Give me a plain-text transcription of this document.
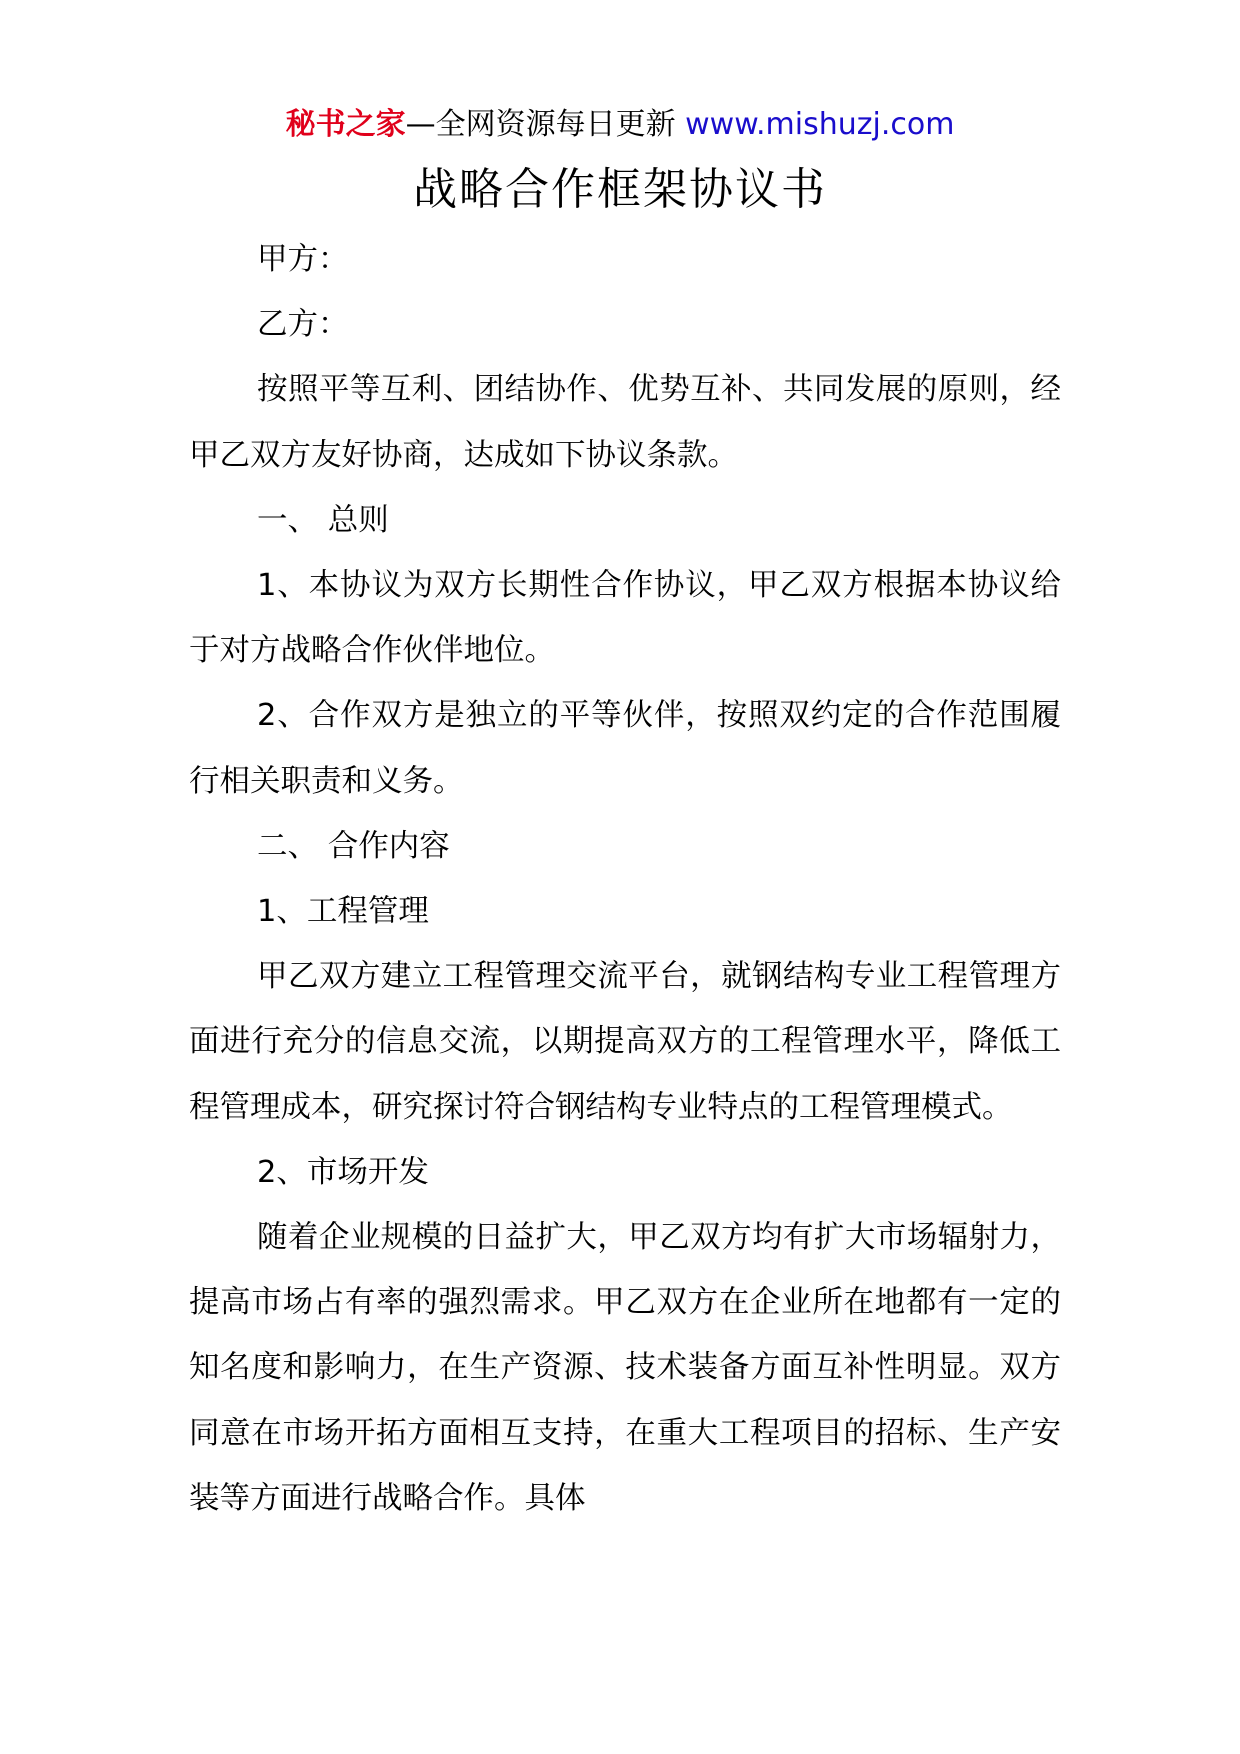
秘书之家—全网资源每日更新 www.mishuzj.com
战略合作框架协议书

甲方：

乙方：

按照平等互利、团结协作、优势互补、共同发展的原则，经甲乙双方友好协商，达成如下协议条款。

一、 总则

1、本协议为双方长期性合作协议，甲乙双方根据本协议给于对方战略合作伙伴地位。

2、合作双方是独立的平等伙伴，按照双约定的合作范围履行相关职责和义务。

二、 合作内容

1、工程管理

甲乙双方建立工程管理交流平台，就钢结构专业工程管理方面进行充分的信息交流，以期提高双方的工程管理水平，降低工程管理成本，研究探讨符合钢结构专业特点的工程管理模式。

2、市场开发

随着企业规模的日益扩大，甲乙双方均有扩大市场辐射力，提高市场占有率的强烈需求。甲乙双方在企业所在地都有一定的知名度和影响力，在生产资源、技术装备方面互补性明显。双方同意在市场开拓方面相互支持，在重大工程项目的招标、生产安装等方面进行战略合作。具体
